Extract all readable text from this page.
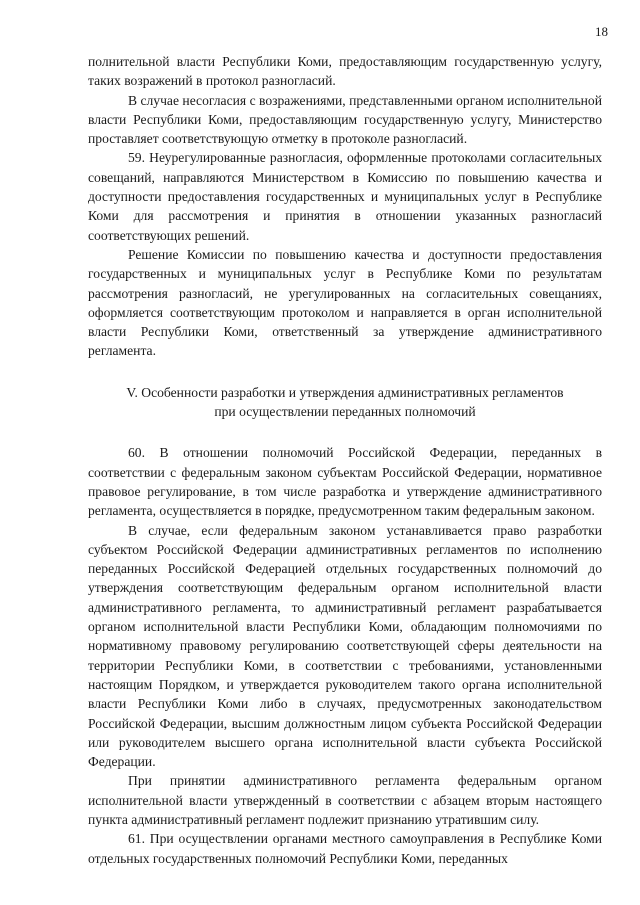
18

полнительной власти Республики Коми, предоставляющим государственную услугу, таких возражений в протокол разногласий.

В случае несогласия с возражениями, представленными органом исполнительной власти Республики Коми, предоставляющим государственную услугу, Министерство проставляет соответствующую отметку в протоколе разногласий.

59. Неурегулированные разногласия, оформленные протоколами согласительных совещаний, направляются Министерством в Комиссию по повышению качества и доступности предоставления государственных и муниципальных услуг в Республике Коми для рассмотрения и принятия в отношении указанных разногласий соответствующих решений.

Решение Комиссии по повышению качества и доступности предоставления государственных и муниципальных услуг в Республике Коми по результатам рассмотрения разногласий, не урегулированных на согласительных совещаниях, оформляется соответствующим протоколом и направляется в орган исполнительной власти Республики Коми, ответственный за утверждение административного регламента.

V. Особенности разработки и утверждения административных регламентов при осуществлении переданных полномочий

60. В отношении полномочий Российской Федерации, переданных в соответствии с федеральным законом субъектам Российской Федерации, нормативное правовое регулирование, в том числе разработка и утверждение административного регламента, осуществляется в порядке, предусмотренном таким федеральным законом.

В случае, если федеральным законом устанавливается право разработки субъектом Российской Федерации административных регламентов по исполнению переданных Российской Федерацией отдельных государственных полномочий до утверждения соответствующим федеральным органом исполнительной власти административного регламента, то административный регламент разрабатывается органом исполнительной власти Республики Коми, обладающим полномочиями по нормативному правовому регулированию соответствующей сферы деятельности на территории Республики Коми, в соответствии с требованиями, установленными настоящим Порядком, и утверждается руководителем такого органа исполнительной власти Республики Коми либо в случаях, предусмотренных законодательством Российской Федерации, высшим должностным лицом субъекта Российской Федерации или руководителем высшего органа исполнительной власти субъекта Российской Федерации.

При принятии административного регламента федеральным органом исполнительной власти утвержденный в соответствии с абзацем вторым настоящего пункта административный регламент подлежит признанию утратившим силу.

61. При осуществлении органами местного самоуправления в Республике Коми отдельных государственных полномочий Республики Коми, переданных
